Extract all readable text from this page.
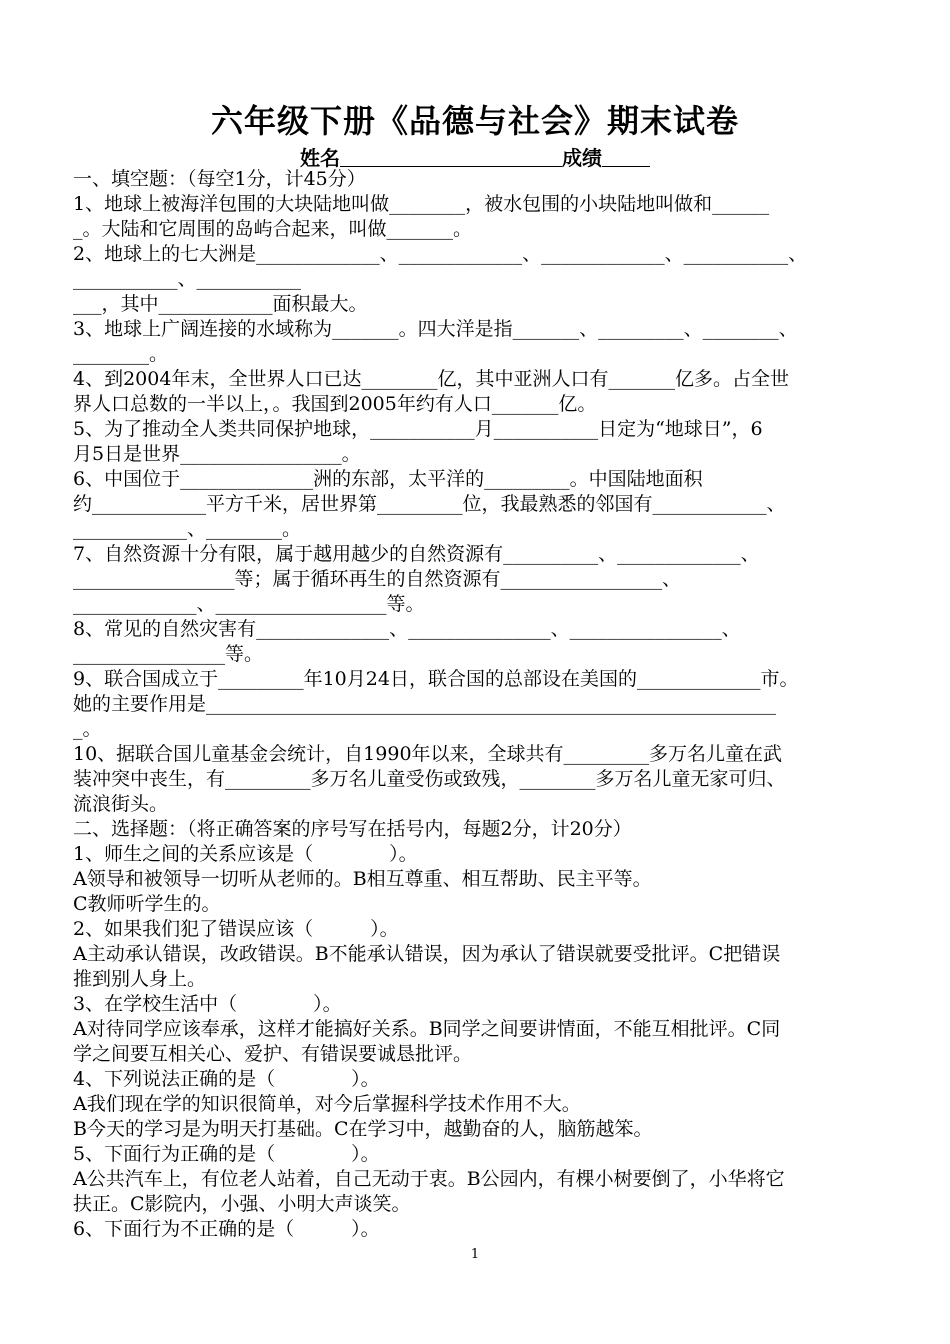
六年级下册《品德与社会》期末试卷
姓名	成绩

一、填空题：（每空1分，计45分）

1、地球上被海洋包围的大块陆地叫做________，被水包围的小块陆地叫做和______

_。大陆和它周围的岛屿合起来，叫做_______。

2、地球上的七大洲是_____________、_____________、_____________、___________、

___________、___________

___，其中____________面积最大。

3、地球上广阔连接的水域称为_______。四大洋是指_______、_________、________、

________。

4、到2004年末，全世界人口已达________亿，其中亚洲人口有_______亿多。占全世

界人口总数的一半以上，。我国到2005年约有人口_______亿。

5、为了推动全人类共同保护地球，___________月___________日定为“地球日”，6

月5日是世界_________________。

6、中国位于______________洲的东部，太平洋的_________。中国陆地面积

约____________平方千米，居世界第_________位，我最熟悉的邻国有____________、

____________、________。

7、自然资源十分有限，属于越用越少的自然资源有__________、_____________、

_________________等；属于循环再生的自然资源有_________________、

_____________、__________________等。

8、常见的自然灾害有______________、_______________、________________、

________________等。

9、联合国成立于_________年10月24日，联合国的总部设在美国的_____________市。

她的主要作用是____________________________________________________________

_。

10、据联合国儿童基金会统计，自1990年以来，全球共有_________多万名儿童在武

装冲突中丧生，有_________多万名儿童受伤或致残，________多万名儿童无家可归、

流浪街头。

二、选择题：（将正确答案的序号写在括号内，每题2分，计20分）

1、师生之间的关系应该是（　　　　）。

A领导和被领导一切听从老师的。B相互尊重、相互帮助、民主平等。

C教师听学生的。

2、如果我们犯了错误应该（　　　）。

A主动承认错误，改政错误。B不能承认错误，因为承认了错误就要受批评。C把错误

推到别人身上。

3、在学校生活中（　　　　）。

A对待同学应该奉承，这样才能搞好关系。B同学之间要讲情面，不能互相批评。C同

学之间要互相关心、爱护、有错误要诚恳批评。

4、下列说法正确的是（　　　　）。

A我们现在学的知识很简单，对今后掌握科学技术作用不大。

B今天的学习是为明天打基础。C在学习中，越勤奋的人，脑筋越笨。

5、下面行为正确的是（　　　　）。

A公共汽车上，有位老人站着，自己无动于衷。B公园内，有棵小树要倒了，小华将它

扶正。C影院内，小强、小明大声谈笑。

6、下面行为不正确的是（　　　）。

1
